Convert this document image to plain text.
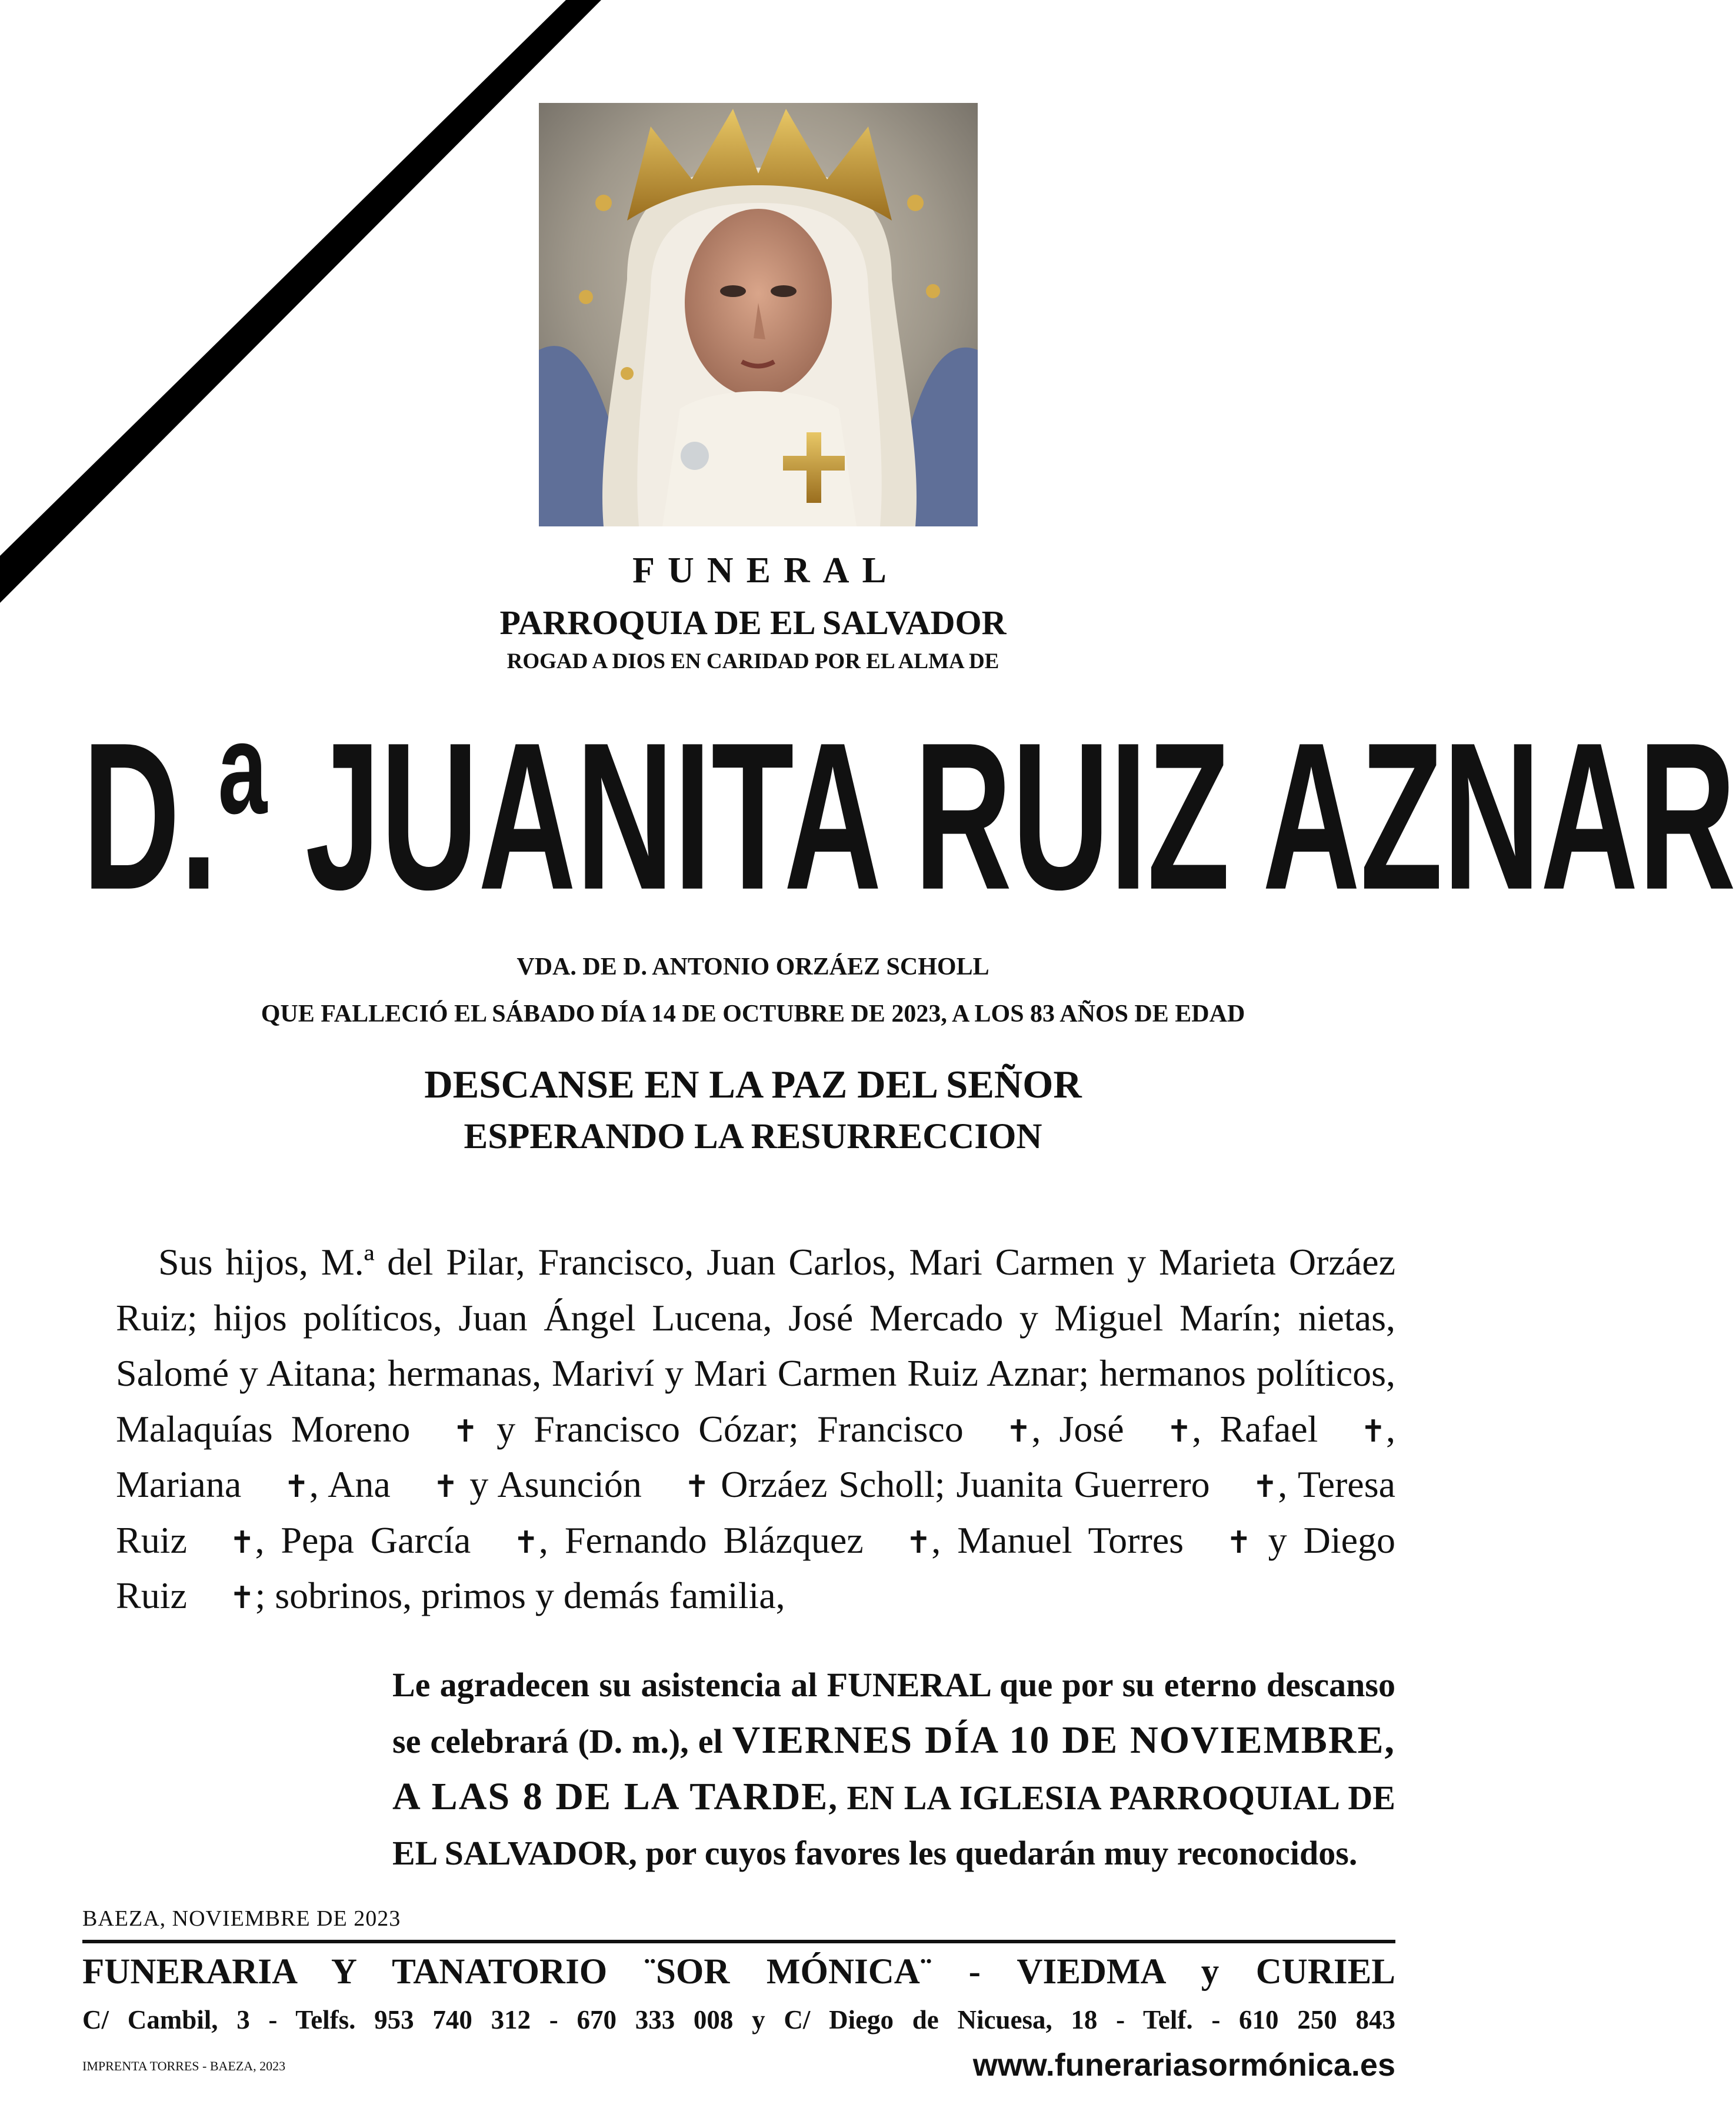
FUNERAL
PARROQUIA DE EL SALVADOR
ROGAD A DIOS EN CARIDAD POR EL ALMA DE
D.ª JUANITA RUIZ AZNAR
VDA. DE D. ANTONIO ORZÁEZ SCHOLL
QUE FALLECIÓ EL SÁBADO DÍA 14 DE OCTUBRE DE 2023, A LOS 83 AÑOS DE EDAD
DESCANSE EN LA PAZ DEL SEÑOR
ESPERANDO LA RESURRECCION

Sus hijos, M.ª del Pilar, Francisco, Juan Carlos, Mari Carmen y Marieta Orzáez Ruiz; hijos políticos, Juan Ángel Lucena, José Mercado y Miguel Marín; nietas, Salomé y Aitana; hermanas, Mariví y Mari Carmen Ruiz Aznar; hermanos políticos, Malaquías Moreno ✝ y Francisco Cózar; Francisco ✝, José ✝, Rafael ✝, Mariana ✝, Ana ✝ y Asunción ✝ Orzáez Scholl; Juanita Guerrero ✝, Teresa Ruiz ✝, Pepa García ✝, Fernando Blázquez ✝, Manuel Torres ✝ y Diego Ruiz ✝; sobrinos, primos y demás familia,

Le agradecen su asistencia al FUNERAL que por su eterno descanso se celebrará (D. m.), el VIERNES DÍA 10 DE NOVIEMBRE, A LAS 8 DE LA TARDE, EN LA IGLESIA PARROQUIAL DE EL SALVADOR, por cuyos favores les quedarán muy reconocidos.

BAEZA, NOVIEMBRE DE 2023
FUNERARIA Y TANATORIO ¨SOR MÓNICA¨ - VIEDMA y CURIEL
C/ Cambil, 3 - Telfs. 953 740 312 - 670 333 008 y C/ Diego de Nicuesa, 18 - Telf. - 610 250 843
IMPRENTA TORRES - BAEZA, 2023	www.funerariasormónica.es
